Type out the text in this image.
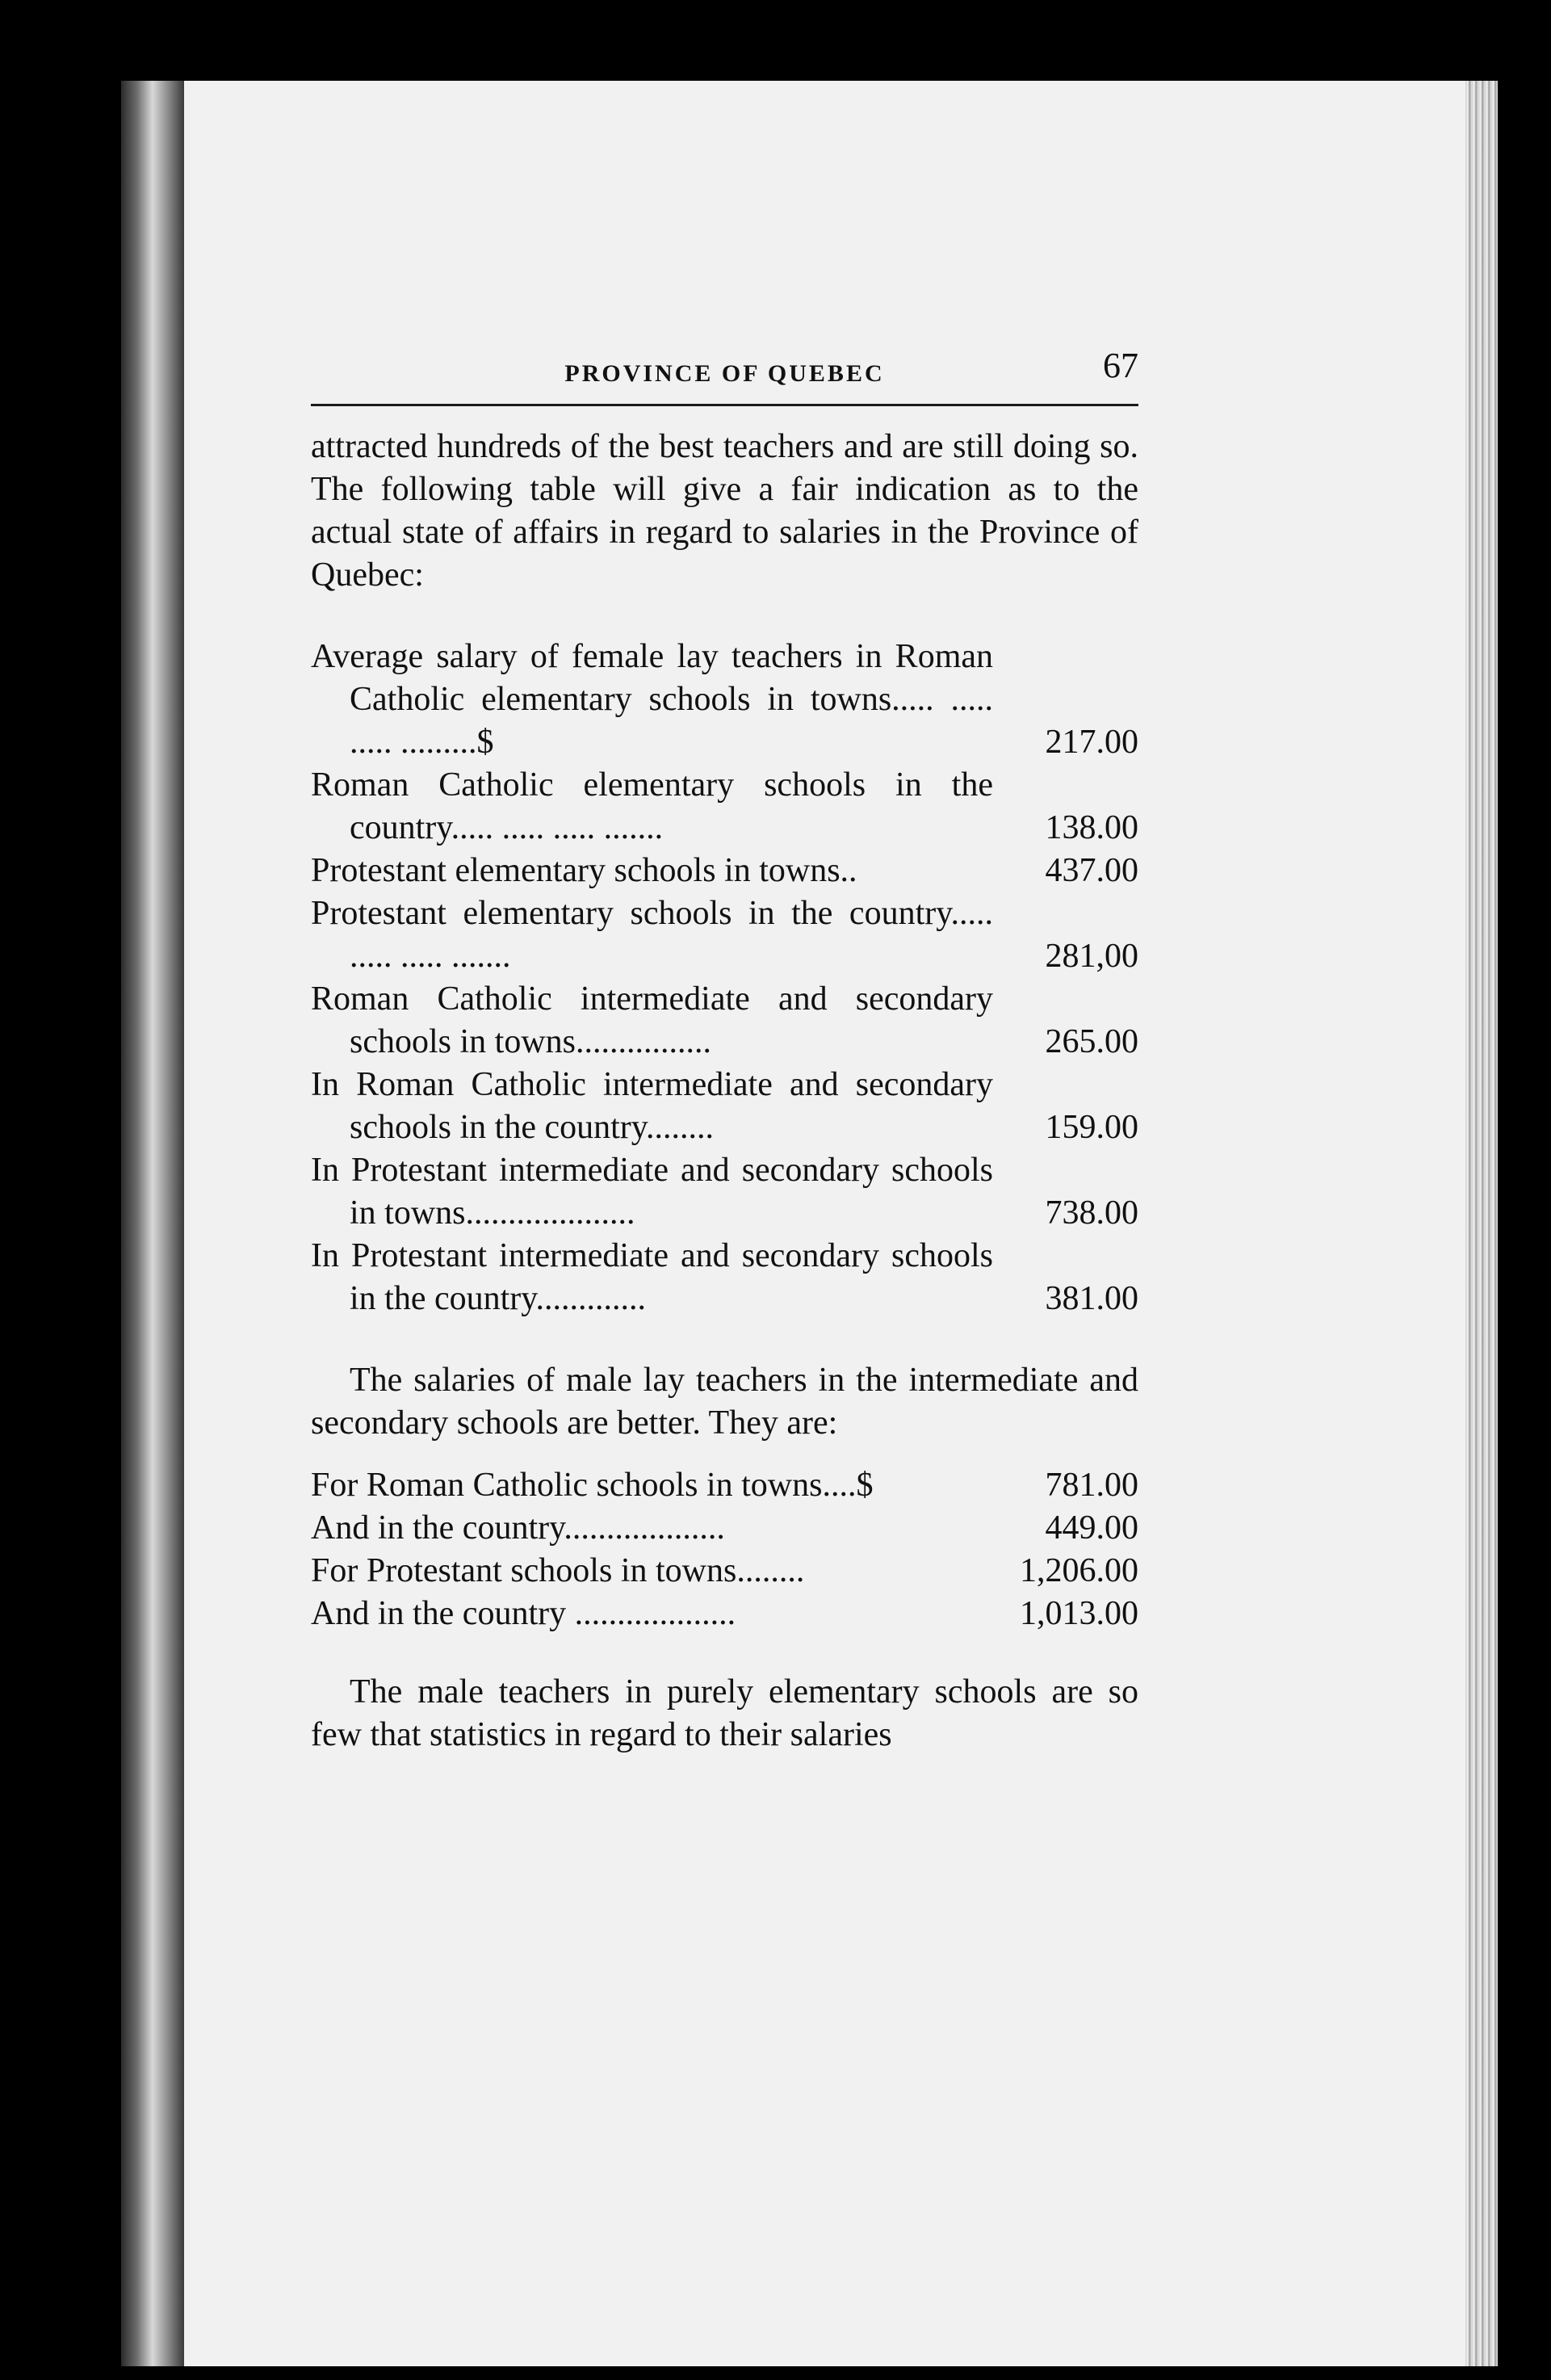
PROVINCE OF QUEBEC	67

attracted hundreds of the best teachers and are still doing so. The following table will give a fair indication as to the actual state of affairs in regard to salaries in the Province of Quebec:

Average salary of female lay teachers in Roman Catholic elementary schools in towns..... ..... ..... .........$	217.00
Roman Catholic elementary schools in the country..... ..... ..... .......	138.00
Protestant elementary schools in towns..	437.00
Protestant elementary schools in the country..... ..... ..... .......	281,00
Roman Catholic intermediate and secondary schools in towns................	265.00
In Roman Catholic intermediate and secondary schools in the country........	159.00
In Protestant intermediate and secondary schools in towns....................	738.00
In Protestant intermediate and secondary schools in the country.............	381.00

The salaries of male lay teachers in the intermediate and secondary schools are better. They are:

For Roman Catholic schools in towns....$	781.00
And in the country...................	449.00
For Protestant schools in towns........	1,206.00
And in the country ...................	1,013.00

The male teachers in purely elementary schools are so few that statistics in regard to their salaries
